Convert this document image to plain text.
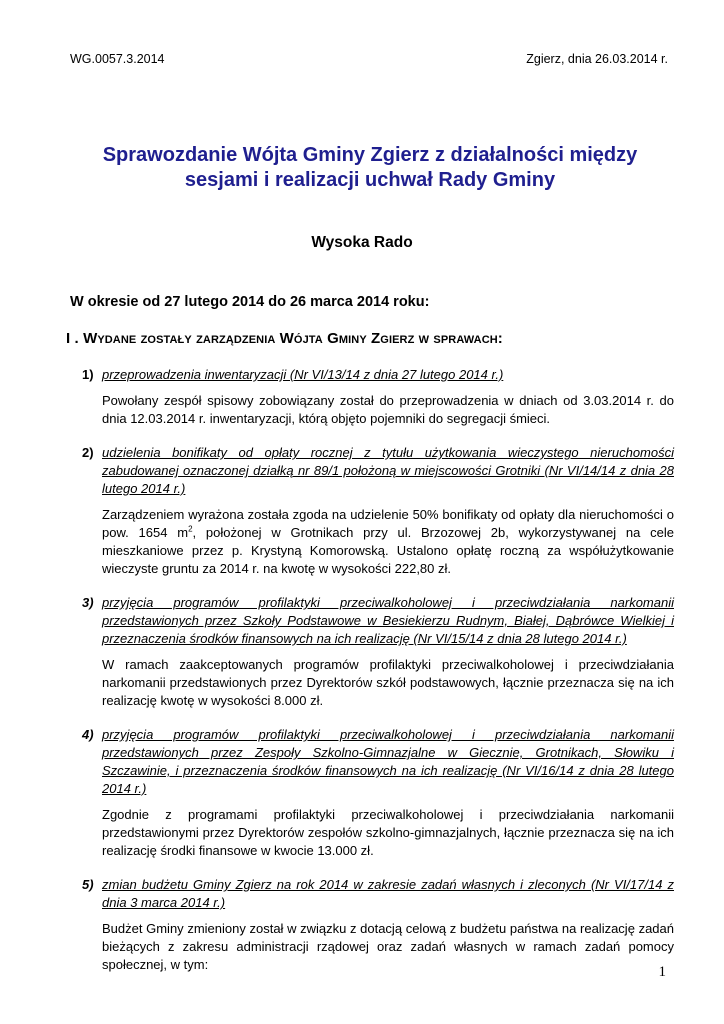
WG.0057.3.2014	Zgierz, dnia 26.03.2014 r.
Sprawozdanie Wójta Gminy Zgierz z działalności między
sesjami i realizacji uchwał Rady Gminy
Wysoka Rado
W okresie od 27 lutego 2014 do 26 marca 2014 roku:
I . Wydane zostały zarządzenia Wójta Gminy Zgierz w sprawach:
1) przeprowadzenia inwentaryzacji (Nr VI/13/14 z dnia 27 lutego 2014 r.)
Powołany zespół spisowy zobowiązany został do przeprowadzenia w dniach od 3.03.2014 r. do dnia 12.03.2014 r. inwentaryzacji, którą objęto pojemniki do segregacji śmieci.
2) udzielenia bonifikaty od opłaty rocznej z tytułu użytkowania wieczystego nieruchomości zabudowanej oznaczonej działką nr 89/1 położoną w miejscowości Grotniki (Nr VI/14/14 z dnia 28 lutego 2014 r.)
Zarządzeniem wyrażona została zgoda na udzielenie 50% bonifikaty od opłaty dla nieruchomości o pow. 1654 $m^2$, położonej w Grotnikach przy ul. Brzozowej 2b, wykorzystywanej na cele mieszkaniowe przez p. Krystyną Komorowską. Ustalono opłatę roczną za współużytkowanie wieczyste gruntu za 2014 r. na kwotę w wysokości 222,80 zł.
3) przyjęcia programów profilaktyki przeciwalkoholowej i przeciwdziałania narkomanii przedstawionych przez Szkoły Podstawowe w Besiekierzu Rudnym, Białej, Dąbrówce Wielkiej i przeznaczenia środków finansowych na ich realizację (Nr VI/15/14 z dnia 28 lutego 2014 r.)
W ramach zaakceptowanych programów profilaktyki przeciwalkoholowej i przeciwdziałania narkomanii przedstawionych przez Dyrektorów szkół podstawowych, łącznie przeznacza się na ich realizację kwotę w wysokości 8.000 zł.
4) przyjęcia programów profilaktyki przeciwalkoholowej i przeciwdziałania narkomanii przedstawionych przez Zespoły Szkolno-Gimnazjalne w Giecznie, Grotnikach, Słowiku i Szczawinie, i przeznaczenia środków finansowych na ich realizację (Nr VI/16/14 z dnia 28 lutego 2014 r.)
Zgodnie z programami profilaktyki przeciwalkoholowej i przeciwdziałania narkomanii przedstawionymi przez Dyrektorów zespołów szkolno-gimnazjalnych, łącznie przeznacza się na ich realizację środki finansowe w kwocie 13.000 zł.
5) zmian budżetu Gminy Zgierz na rok 2014 w zakresie zadań własnych i zleconych (Nr VI/17/14 z dnia 3 marca 2014 r.)
Budżet Gminy zmieniony został w związku z dotacją celową z budżetu państwa na realizację zadań bieżących z zakresu administracji rządowej oraz zadań własnych w ramach zadań pomocy społecznej, w tym:	1
